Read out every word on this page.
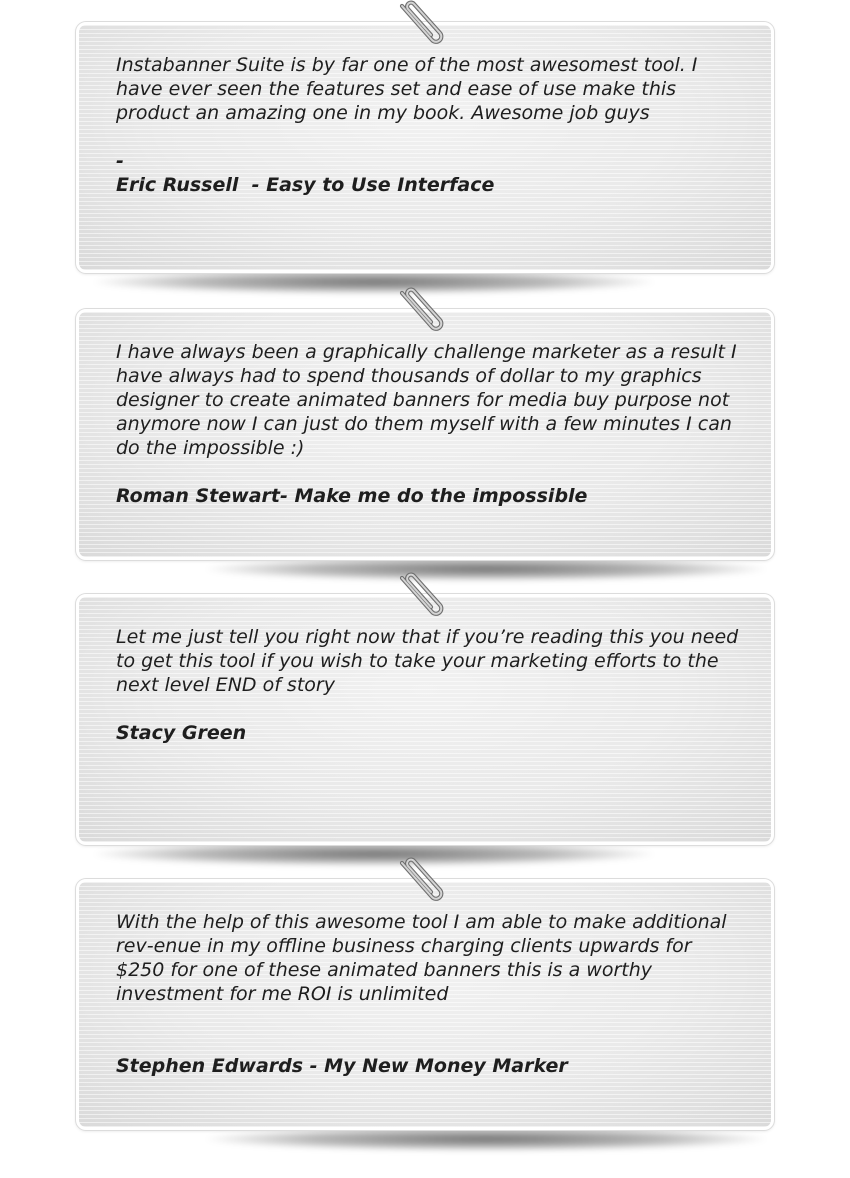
Instabanner Suite is by far one of the most awesomest tool. I have ever seen the features set and ease of use make this product an amazing one in my book. Awesome job guys

-

Eric Russell  - Easy to Use Interface

I have always been a graphically challenge marketer as a result I have always had to spend thousands of dollar to my graphics designer to create animated banners for media buy purpose not anymore now I can just do them myself with a few minutes I can do the impossible :)

Roman Stewart- Make me do the impossible

Let me just tell you right now that if you’re reading this you need to get this tool if you wish to take your marketing efforts to the next level END of story

Stacy Green

With the help of this awesome tool I am able to make additional rev-enue in my offline business charging clients upwards for $250 for one of these animated banners this is a worthy investment for me ROI is unlimited

Stephen Edwards - My New Money Marker
